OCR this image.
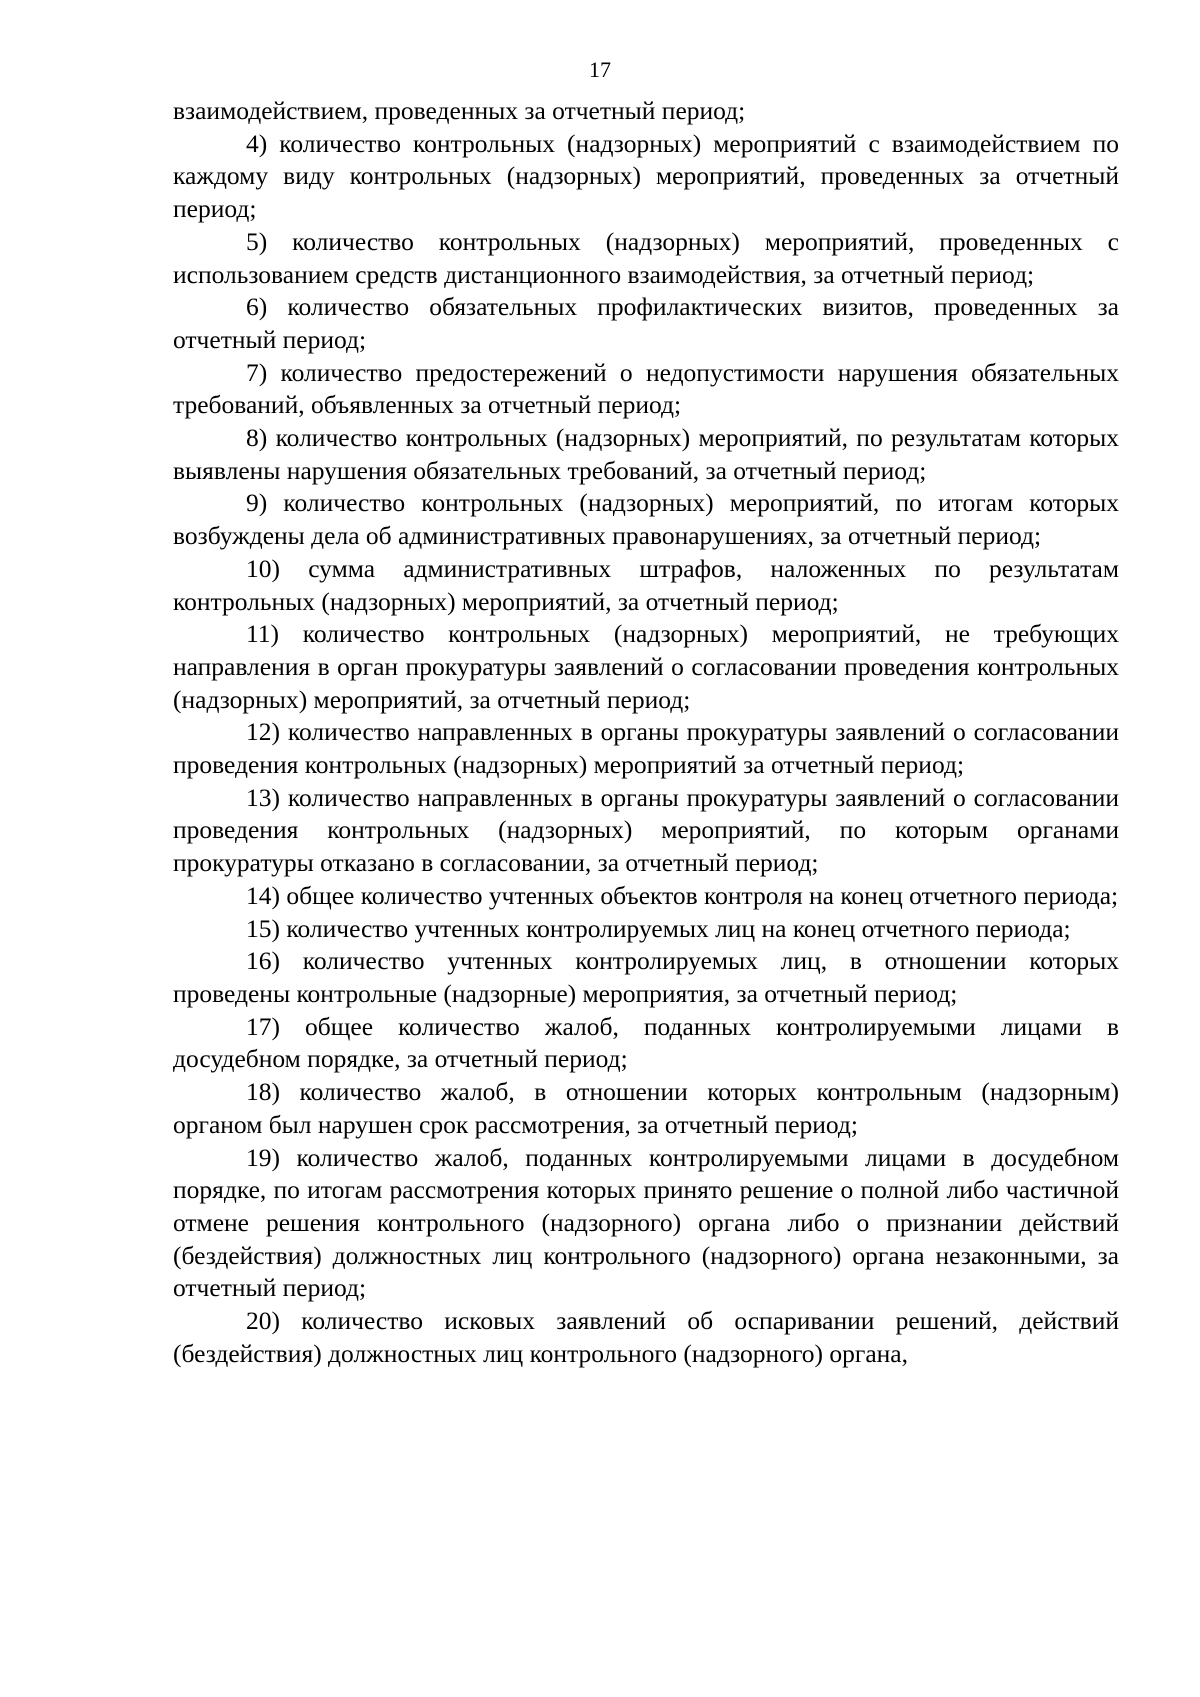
17

взаимодействием, проведенных за отчетный период;

4) количество контрольных (надзорных) мероприятий с взаимодействием по каждому виду контрольных (надзорных) мероприятий, проведенных за отчетный период;

5) количество контрольных (надзорных) мероприятий, проведенных с использованием средств дистанционного взаимодействия, за отчетный период;

6) количество обязательных профилактических визитов, проведенных за отчетный период;

7) количество предостережений о недопустимости нарушения обязательных требований, объявленных за отчетный период;

8) количество контрольных (надзорных) мероприятий, по результатам которых выявлены нарушения обязательных требований, за отчетный период;

9) количество контрольных (надзорных) мероприятий, по итогам которых возбуждены дела об административных правонарушениях, за отчетный период;

10) сумма административных штрафов, наложенных по результатам контрольных (надзорных) мероприятий, за отчетный период;

11) количество контрольных (надзорных) мероприятий, не требующих направления в орган прокуратуры заявлений о согласовании проведения контрольных (надзорных) мероприятий, за отчетный период;

12) количество направленных в органы прокуратуры заявлений о согласовании проведения контрольных (надзорных) мероприятий за отчетный период;

13) количество направленных в органы прокуратуры заявлений о согласовании проведения контрольных (надзорных) мероприятий, по которым органами прокуратуры отказано в согласовании, за отчетный период;

14) общее количество учтенных объектов контроля на конец отчетного периода;

15) количество учтенных контролируемых лиц на конец отчетного периода;

16) количество учтенных контролируемых лиц, в отношении которых проведены контрольные (надзорные) мероприятия, за отчетный период;

17) общее количество жалоб, поданных контролируемыми лицами в досудебном порядке, за отчетный период;

18) количество жалоб, в отношении которых контрольным (надзорным) органом был нарушен срок рассмотрения, за отчетный период;

19) количество жалоб, поданных контролируемыми лицами в досудебном порядке, по итогам рассмотрения которых принято решение о полной либо частичной отмене решения контрольного (надзорного) органа либо о признании действий (бездействия) должностных лиц контрольного (надзорного) органа незаконными, за отчетный период;

20) количество исковых заявлений об оспаривании решений, действий (бездействия) должностных лиц контрольного (надзорного) органа,
